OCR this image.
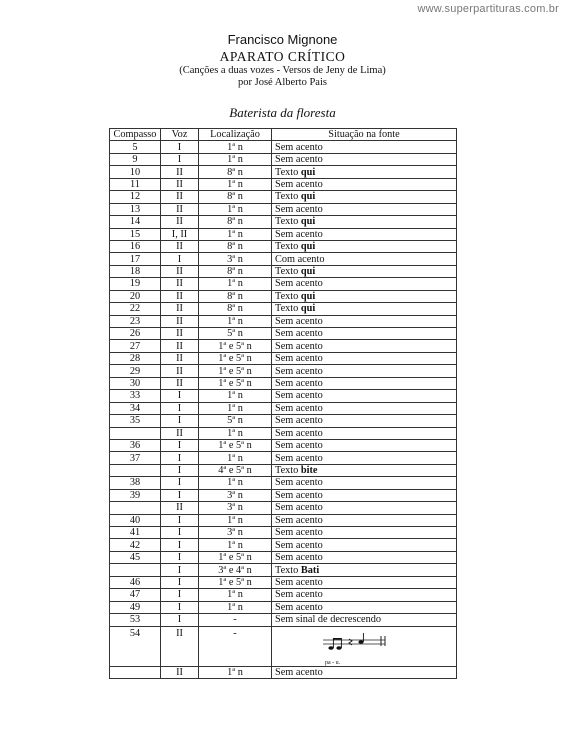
www.superpartituras.com.br
Francisco Mignone
APARATO CRÍTICO
(Canções a duas vozes - Versos de Jeny de Lima)
por José Alberto Pais
Baterista da floresta
Compasso	Voz	Localização	Situação na fonte
5	I	1$^a$ n	Sem acento
9	I	1$^a$ n	Sem acento
10	II	8$^a$ n	Texto qui
11	II	1$^a$ n	Sem acento
12	II	8$^a$ n	Texto qui
13	II	1$^a$ n	Sem acento
14	II	8$^a$ n	Texto qui
15	I, II	1$^a$ n	Sem acento
16	II	8$^a$ n	Texto qui
17	I	3$^a$ n	Com acento
18	II	8$^a$ n	Texto qui
19	II	1$^a$ n	Sem acento
20	II	8$^a$ n	Texto qui
22	II	8$^a$ n	Texto qui
23	II	1$^a$ n	Sem acento
26	II	5$^a$ n	Sem acento
27	II	1$^a$ e 5$^a$ n	Sem acento
28	II	1$^a$ e 5$^a$ n	Sem acento
29	II	1$^a$ e 5$^a$ n	Sem acento
30	II	1$^a$ e 5$^a$ n	Sem acento
33	I	1$^a$ n	Sem acento
34	I	1$^a$ n	Sem acento
35	I	5$^a$ n	Sem acento
	II	1$^a$ n	Sem acento
36	I	1$^a$ e 5$^a$ n	Sem acento
37	I	1$^a$ n	Sem acento
	I	4$^a$ e 5$^a$ n	Texto bite
38	I	1$^a$ n	Sem acento
39	I	3$^a$ n	Sem acento
	II	3$^a$ n	Sem acento
40	I	1$^a$ n	Sem acento
41	I	3$^a$ n	Sem acento
42	I	1$^a$ n	Sem acento
45	I	1$^a$ e 5$^a$ n	Sem acento
	I	3$^a$ e 4$^a$ n	Texto Bati
46	I	1$^a$ e 5$^a$ n	Sem acento
47	I	1$^a$ n	Sem acento
49	I	1$^a$ n	Sem acento
53	I	-	Sem sinal de decrescendo
54	II	-	pa - u.

	II	1$^a$ n	Sem acento
